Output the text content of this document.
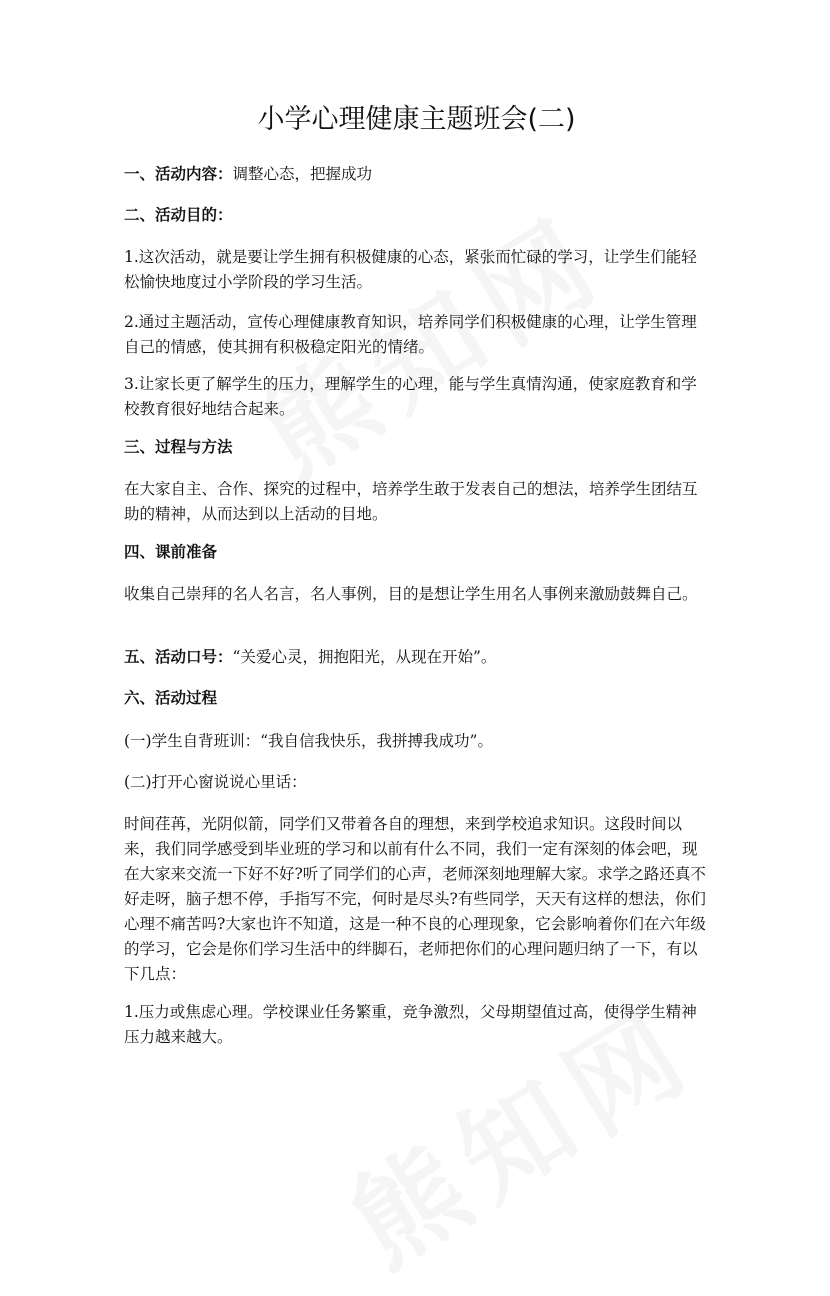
小学心理健康主题班会(二)

一、活动内容：调整心态，把握成功

二、活动目的：

1.这次活动，就是要让学生拥有积极健康的心态，紧张而忙碌的学习，让学生们能轻松愉快地度过小学阶段的学习生活。

2.通过主题活动，宣传心理健康教育知识，培养同学们积极健康的心理，让学生管理自己的情感，使其拥有积极稳定阳光的情绪。

3.让家长更了解学生的压力，理解学生的心理，能与学生真情沟通，使家庭教育和学校教育很好地结合起来。

三、过程与方法

在大家自主、合作、探究的过程中，培养学生敢于发表自己的想法，培养学生团结互助的精神，从而达到以上活动的目地。

四、课前准备

收集自己崇拜的名人名言，名人事例，目的是想让学生用名人事例来激励鼓舞自己。

五、活动口号：“关爱心灵，拥抱阳光，从现在开始”。

六、活动过程

(一)学生自背班训：“我自信我快乐，我拼搏我成功”。

(二)打开心窗说说心里话：

时间荏苒，光阴似箭，同学们又带着各自的理想，来到学校追求知识。这段时间以来，我们同学感受到毕业班的学习和以前有什么不同，我们一定有深刻的体会吧，现在大家来交流一下好不好?听了同学们的心声，老师深刻地理解大家。求学之路还真不好走呀，脑子想不停，手指写不完，何时是尽头?有些同学，天天有这样的想法，你们心理不痛苦吗?大家也许不知道，这是一种不良的心理现象，它会影响着你们在六年级的学习，它会是你们学习生活中的绊脚石，老师把你们的心理问题归纳了一下，有以下几点：

1.压力或焦虑心理。学校课业任务繁重，竞争激烈，父母期望值过高，使得学生精神压力越来越大。
